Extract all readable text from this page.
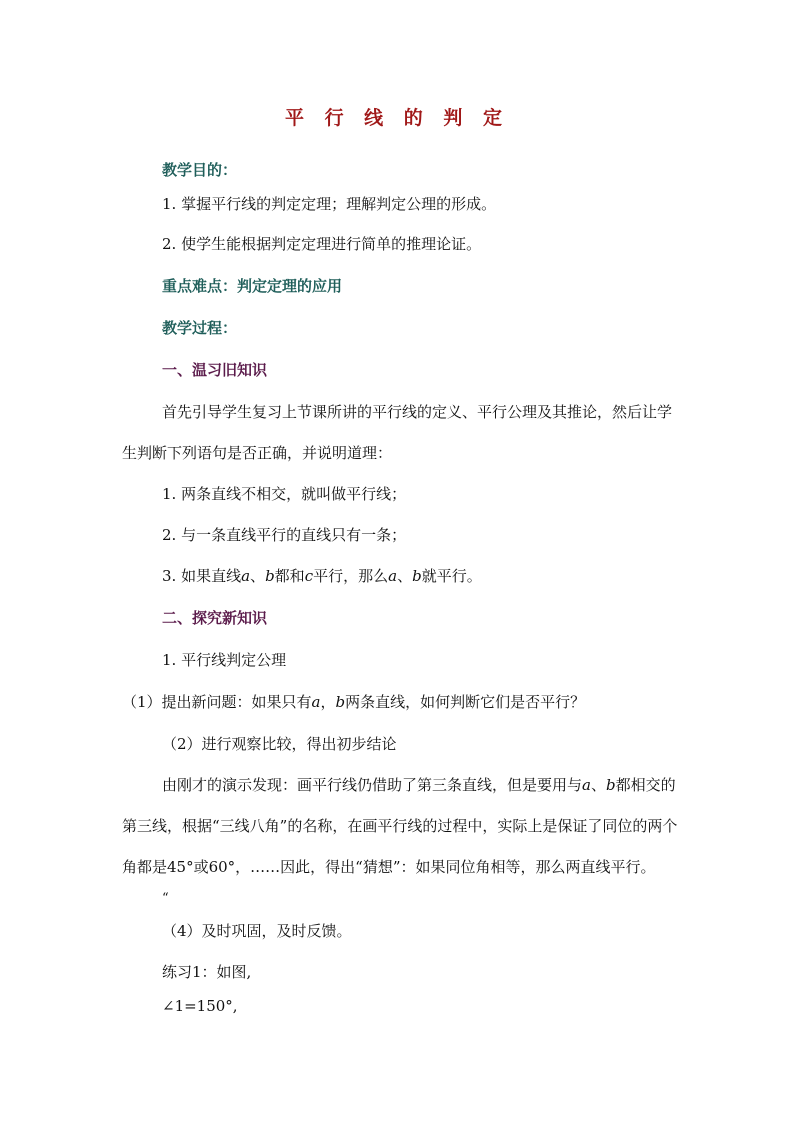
平 行 线 的 判 定
教学目的：
1. 掌握平行线的判定定理；理解判定公理的形成。
2. 使学生能根据判定定理进行简单的推理论证。
重点难点：判定定理的应用
教学过程：
一、温习旧知识
首先引导学生复习上节课所讲的平行线的定义、平行公理及其推论，然后让学
生判断下列语句是否正确，并说明道理：
1. 两条直线不相交，就叫做平行线；
2. 与一条直线平行的直线只有一条；
3. 如果直线a、b都和c平行，那么a、b就平行。
二、探究新知识
1. 平行线判定公理
（1）提出新问题：如果只有a，b两条直线，如何判断它们是否平行？
（2）进行观察比较，得出初步结论
由刚才的演示发现：画平行线仍借助了第三条直线，但是要用与a、b都相交的
第三线，根据“三线八角”的名称，在画平行线的过程中，实际上是保证了同位的两个
角都是45°或60°，……因此，得出“猜想”：如果同位角相等，那么两直线平行。
“
（4）及时巩固，及时反馈。
练习1：如图,
∠1=150°,
